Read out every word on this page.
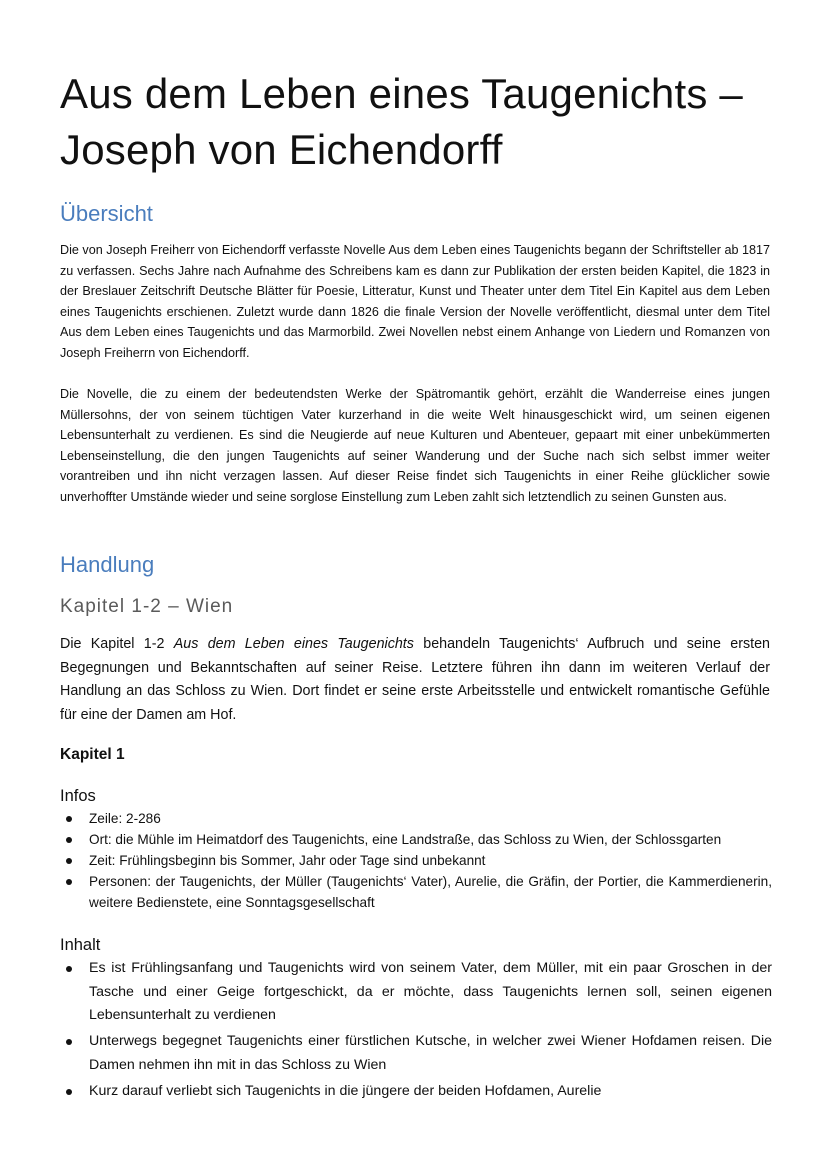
Aus dem Leben eines Taugenichts – Joseph von Eichendorff
Übersicht

Die von Joseph Freiherr von Eichendorff verfasste Novelle Aus dem Leben eines Taugenichts begann der Schriftsteller ab 1817 zu verfassen. Sechs Jahre nach Aufnahme des Schreibens kam es dann zur Publikation der ersten beiden Kapitel, die 1823 in der Breslauer Zeitschrift Deutsche Blätter für Poesie, Litteratur, Kunst und Theater unter dem Titel Ein Kapitel aus dem Leben eines Taugenichts erschienen. Zuletzt wurde dann 1826 die finale Version der Novelle veröffentlicht, diesmal unter dem Titel Aus dem Leben eines Taugenichts und das Marmorbild. Zwei Novellen nebst einem Anhange von Liedern und Romanzen von Joseph Freiherrn von Eichendorff.

Die Novelle, die zu einem der bedeutendsten Werke der Spätromantik gehört, erzählt die Wanderreise eines jungen Müllersohns, der von seinem tüchtigen Vater kurzerhand in die weite Welt hinausgeschickt wird, um seinen eigenen Lebensunterhalt zu verdienen. Es sind die Neugierde auf neue Kulturen und Abenteuer, gepaart mit einer unbekümmerten Lebenseinstellung, die den jungen Taugenichts auf seiner Wanderung und der Suche nach sich selbst immer weiter vorantreiben und ihn nicht verzagen lassen. Auf dieser Reise findet sich Taugenichts in einer Reihe glücklicher sowie unverhoffter Umstände wieder und seine sorglose Einstellung zum Leben zahlt sich letztendlich zu seinen Gunsten aus.

Handlung
Kapitel 1-2 – Wien

Die Kapitel 1-2 Aus dem Leben eines Taugenichts behandeln Taugenichts‘ Aufbruch und seine ersten Begegnungen und Bekanntschaften auf seiner Reise. Letztere führen ihn dann im weiteren Verlauf der Handlung an das Schloss zu Wien. Dort findet er seine erste Arbeitsstelle und entwickelt romantische Gefühle für eine der Damen am Hof.

Kapitel 1
Infos
Zeile: 2-286
Ort: die Mühle im Heimatdorf des Taugenichts, eine Landstraße, das Schloss zu Wien, der Schlossgarten
Zeit: Frühlingsbeginn bis Sommer, Jahr oder Tage sind unbekannt
Personen: der Taugenichts, der Müller (Taugenichts‘ Vater), Aurelie, die Gräfin, der Portier, die Kammerdienerin, weitere Bedienstete, eine Sonntagsgesellschaft
Inhalt
Es ist Frühlingsanfang und Taugenichts wird von seinem Vater, dem Müller, mit ein paar Groschen in der Tasche und einer Geige fortgeschickt, da er möchte, dass Taugenichts lernen soll, seinen eigenen Lebensunterhalt zu verdienen
Unterwegs begegnet Taugenichts einer fürstlichen Kutsche, in welcher zwei Wiener Hofdamen reisen. Die Damen nehmen ihn mit in das Schloss zu Wien
Kurz darauf verliebt sich Taugenichts in die jüngere der beiden Hofdamen, Aurelie
